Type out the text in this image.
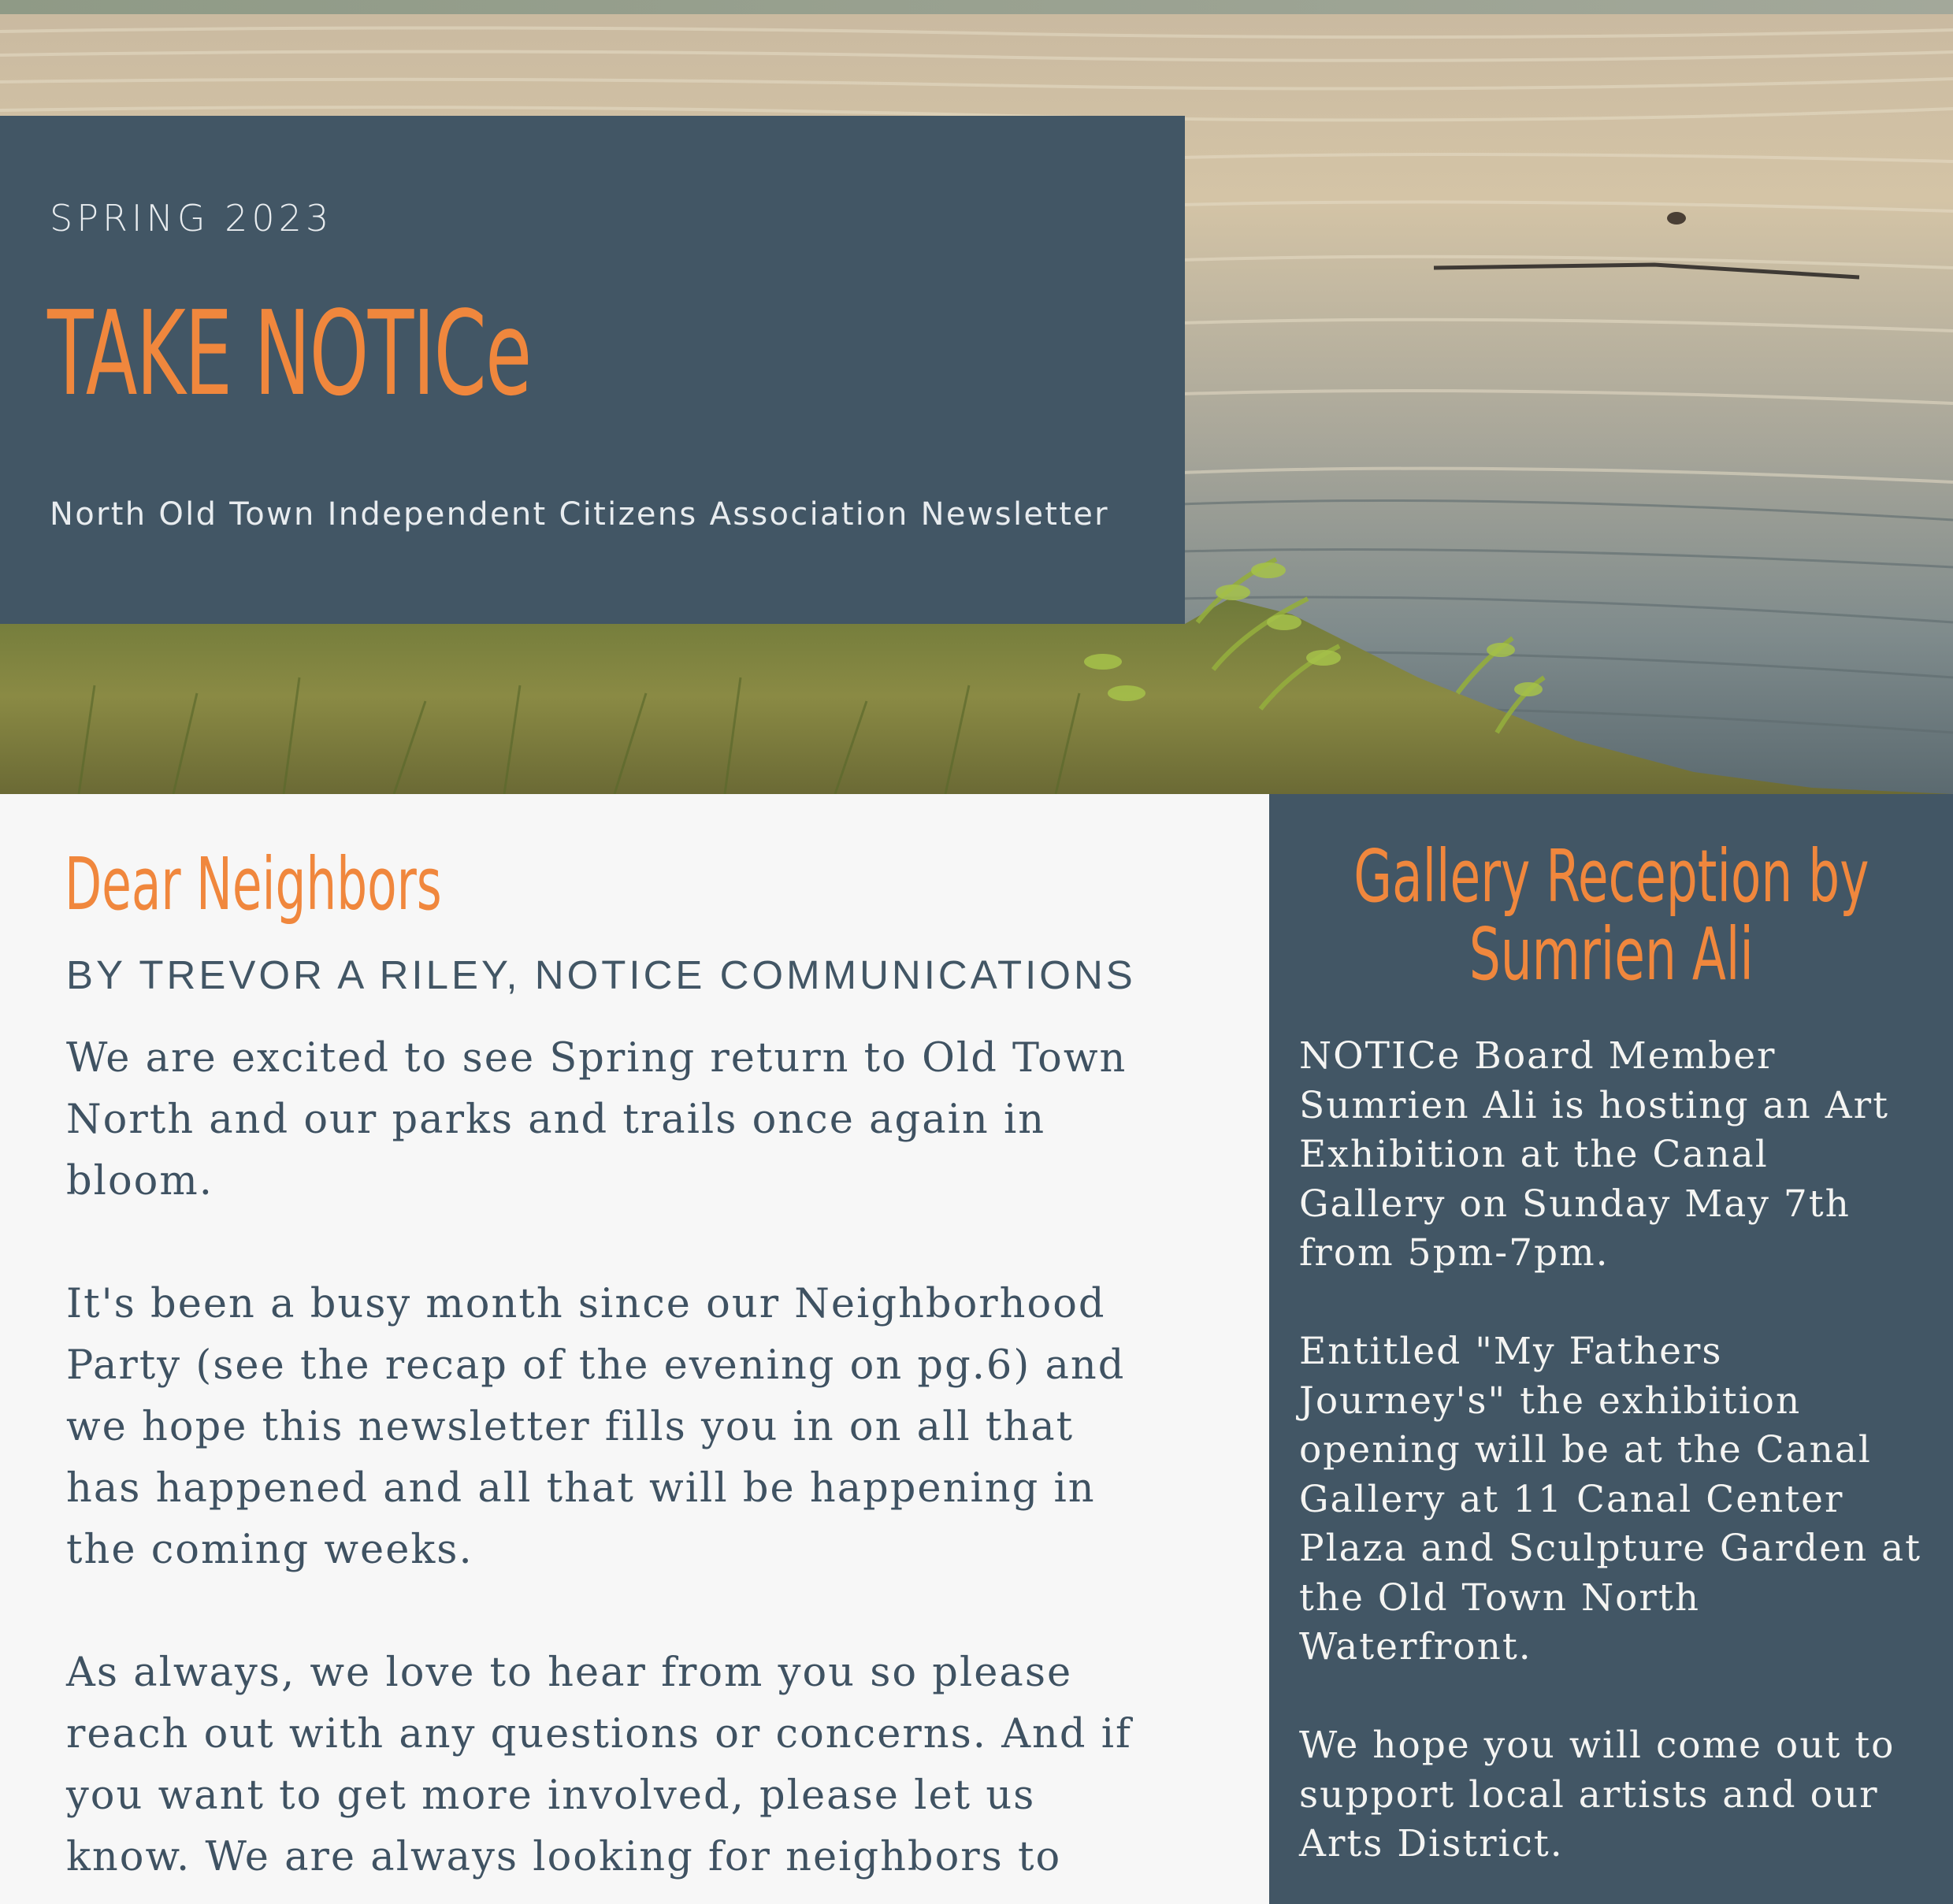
SPRING 2023
TAKE NOTICe
North Old Town Independent Citizens Association Newsletter
Dear Neighbors
BY TREVOR A RILEY, NOTICE COMMUNICATIONS

We are excited to see Spring return to Old Town
North and our parks and trails once again in
bloom.

It's been a busy month since our Neighborhood
Party (see the recap of the evening on pg.6) and
we hope this newsletter fills you in on all that
has happened and all that will be happening in
the coming weeks.

As always, we love to hear from you so please
reach out with any questions or concerns. And if
you want to get more involved, please let us
know. We are always looking for neighbors to

Gallery Reception by
Sumrien Ali

NOTICe Board Member
Sumrien Ali is hosting an Art
Exhibition at the Canal
Gallery on Sunday May 7th
from 5pm-7pm.

Entitled "My Fathers
Journey's" the exhibition
opening will be at the Canal
Gallery at 11 Canal Center
Plaza and Sculpture Garden at
the Old Town North
Waterfront.

We hope you will come out to
support local artists and our
Arts District.
